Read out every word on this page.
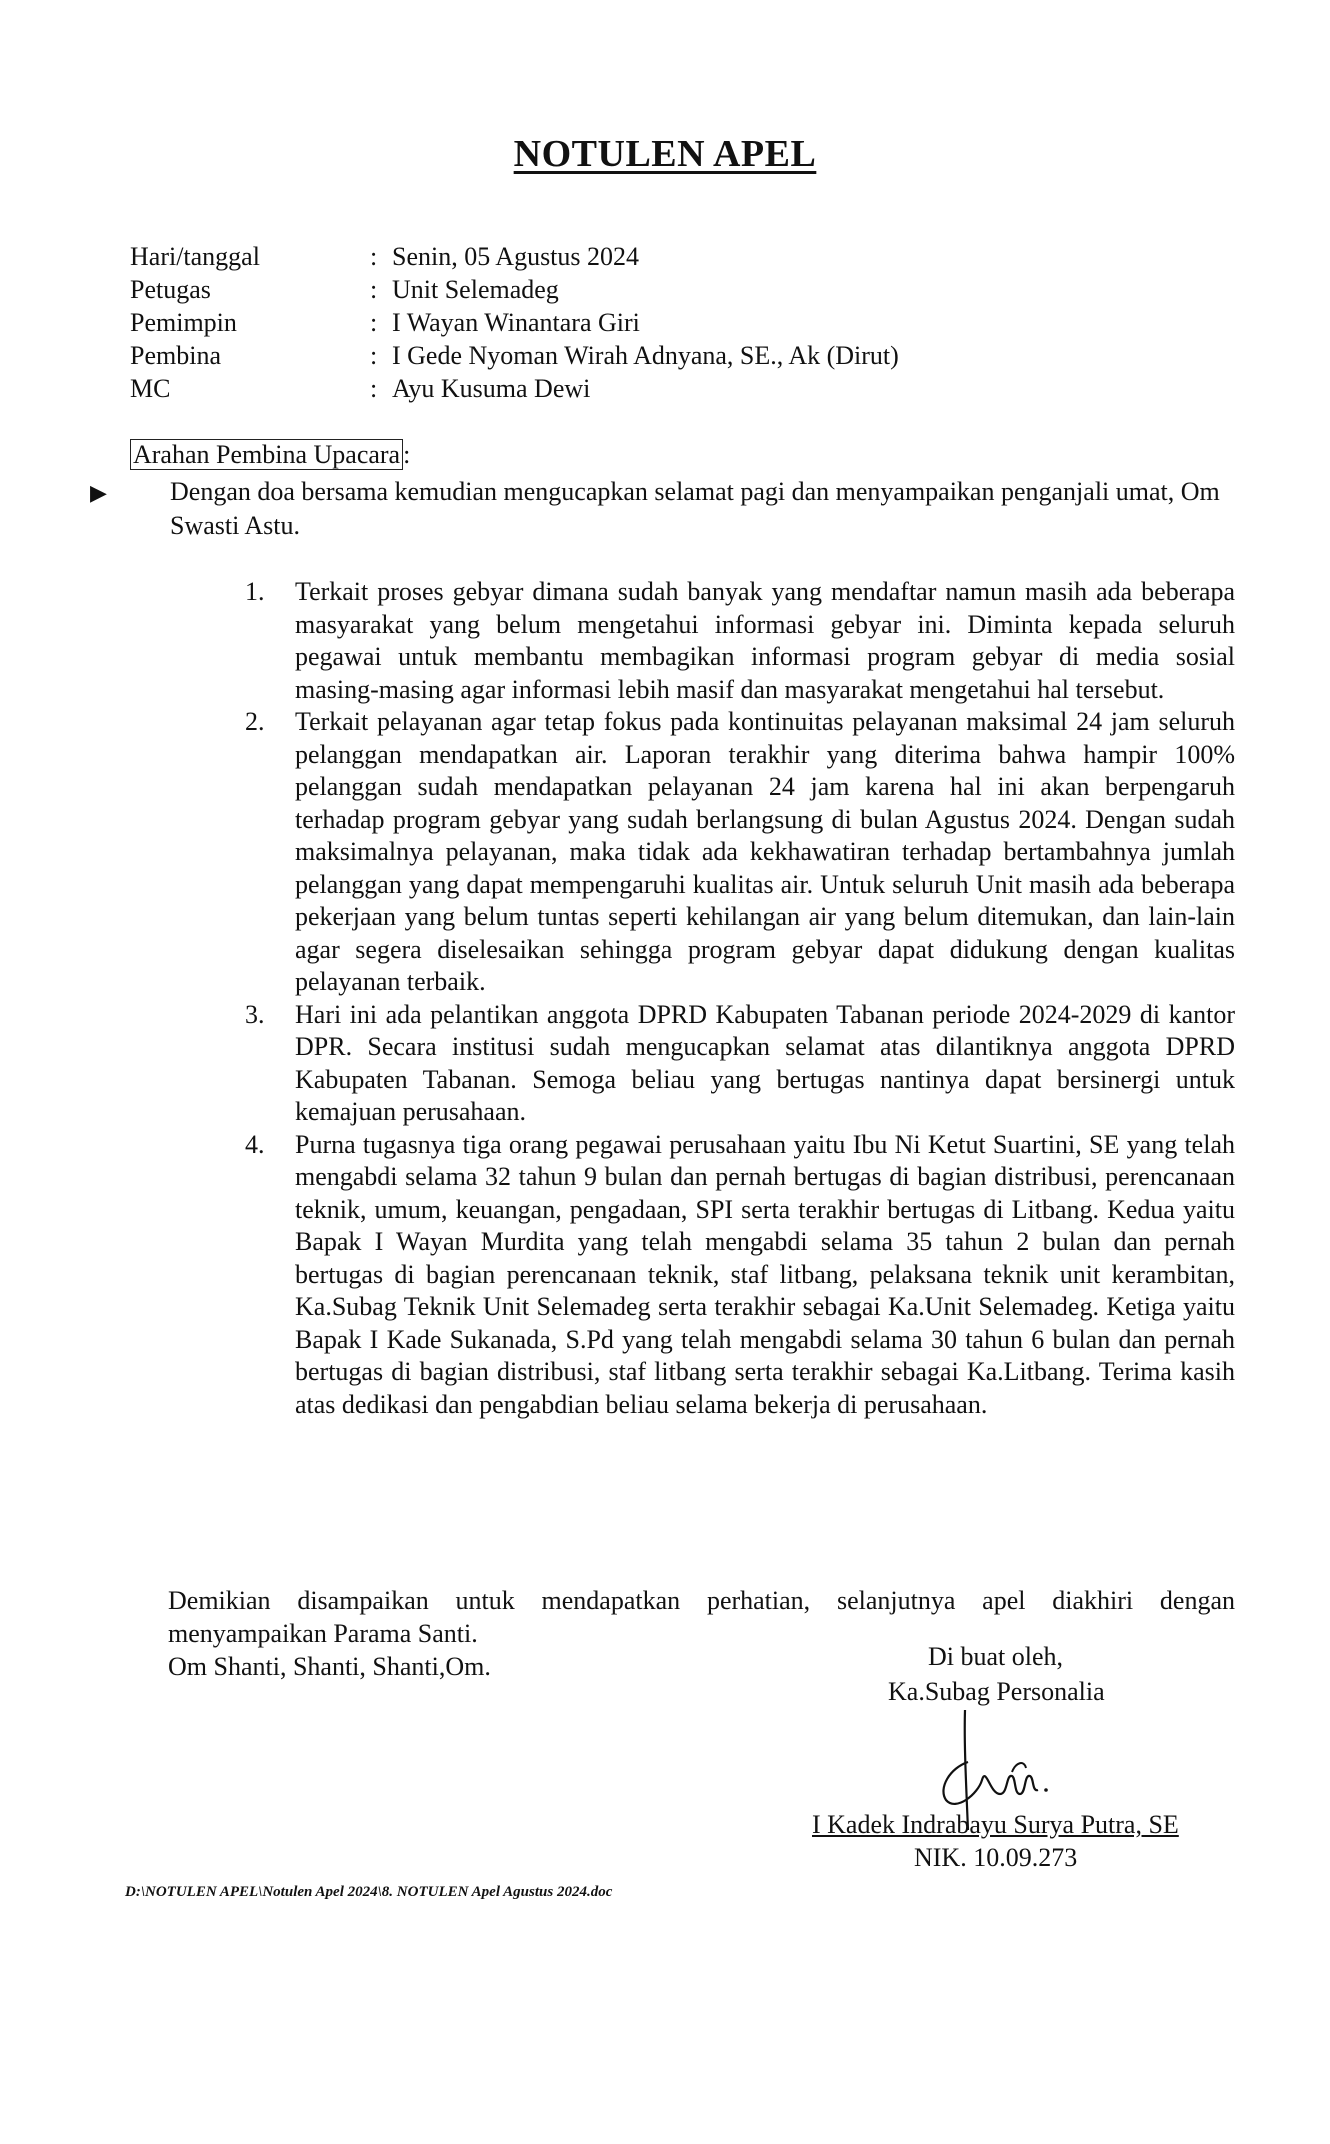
NOTULEN APEL
Hari/tanggal	: Senin, 05 Agustus 2024
Petugas	: Unit Selemadeg
Pemimpin	: I Wayan Winantara Giri
Pembina	: I Gede Nyoman Wirah Adnyana, SE., Ak (Dirut)
MC	: Ayu Kusuma Dewi
Arahan Pembina Upacara :

▶ Dengan doa bersama kemudian mengucapkan selamat pagi dan menyampaikan penganjali umat, Om Swasti Astu.

1. Terkait proses gebyar dimana sudah banyak yang mendaftar namun masih ada beberapa masyarakat yang belum mengetahui informasi gebyar ini. Diminta kepada seluruh pegawai untuk membantu membagikan informasi program gebyar di media sosial masing-masing agar informasi lebih masif dan masyarakat mengetahui hal tersebut.
2. Terkait pelayanan agar tetap fokus pada kontinuitas pelayanan maksimal 24 jam seluruh pelanggan mendapatkan air. Laporan terakhir yang diterima bahwa hampir 100% pelanggan sudah mendapatkan pelayanan 24 jam karena hal ini akan berpengaruh terhadap program gebyar yang sudah berlangsung di bulan Agustus 2024. Dengan sudah maksimalnya pelayanan, maka tidak ada kekhawatiran terhadap bertambahnya jumlah pelanggan yang dapat mempengaruhi kualitas air. Untuk seluruh Unit masih ada beberapa pekerjaan yang belum tuntas seperti kehilangan air yang belum ditemukan, dan lain-lain agar segera diselesaikan sehingga program gebyar dapat didukung dengan kualitas pelayanan terbaik.
3. Hari ini ada pelantikan anggota DPRD Kabupaten Tabanan periode 2024-2029 di kantor DPR. Secara institusi sudah mengucapkan selamat atas dilantiknya anggota DPRD Kabupaten Tabanan. Semoga beliau yang bertugas nantinya dapat bersinergi untuk kemajuan perusahaan.
4. Purna tugasnya tiga orang pegawai perusahaan yaitu Ibu Ni Ketut Suartini, SE yang telah mengabdi selama 32 tahun 9 bulan dan pernah bertugas di bagian distribusi, perencanaan teknik, umum, keuangan, pengadaan, SPI serta terakhir bertugas di Litbang. Kedua yaitu Bapak I Wayan Murdita yang telah mengabdi selama 35 tahun 2 bulan dan pernah bertugas di bagian perencanaan teknik, staf litbang, pelaksana teknik unit kerambitan, Ka.Subag Teknik Unit Selemadeg serta terakhir sebagai Ka.Unit Selemadeg. Ketiga yaitu Bapak I Kade Sukanada, S.Pd yang telah mengabdi selama 30 tahun 6 bulan dan pernah bertugas di bagian distribusi, staf litbang serta terakhir sebagai Ka.Litbang. Terima kasih atas dedikasi dan pengabdian beliau selama bekerja di perusahaan.

Demikian disampaikan untuk mendapatkan perhatian, selanjutnya apel diakhiri dengan menyampaikan Parama Santi.

Om Shanti, Shanti, Shanti,Om.	Di buat oleh,
Ka.Subag Personalia
I Kadek Indrabayu Surya Putra, SE
NIK. 10.09.273
D:\NOTULEN APEL\Notulen Apel 2024\8. NOTULEN Apel Agustus 2024.doc
